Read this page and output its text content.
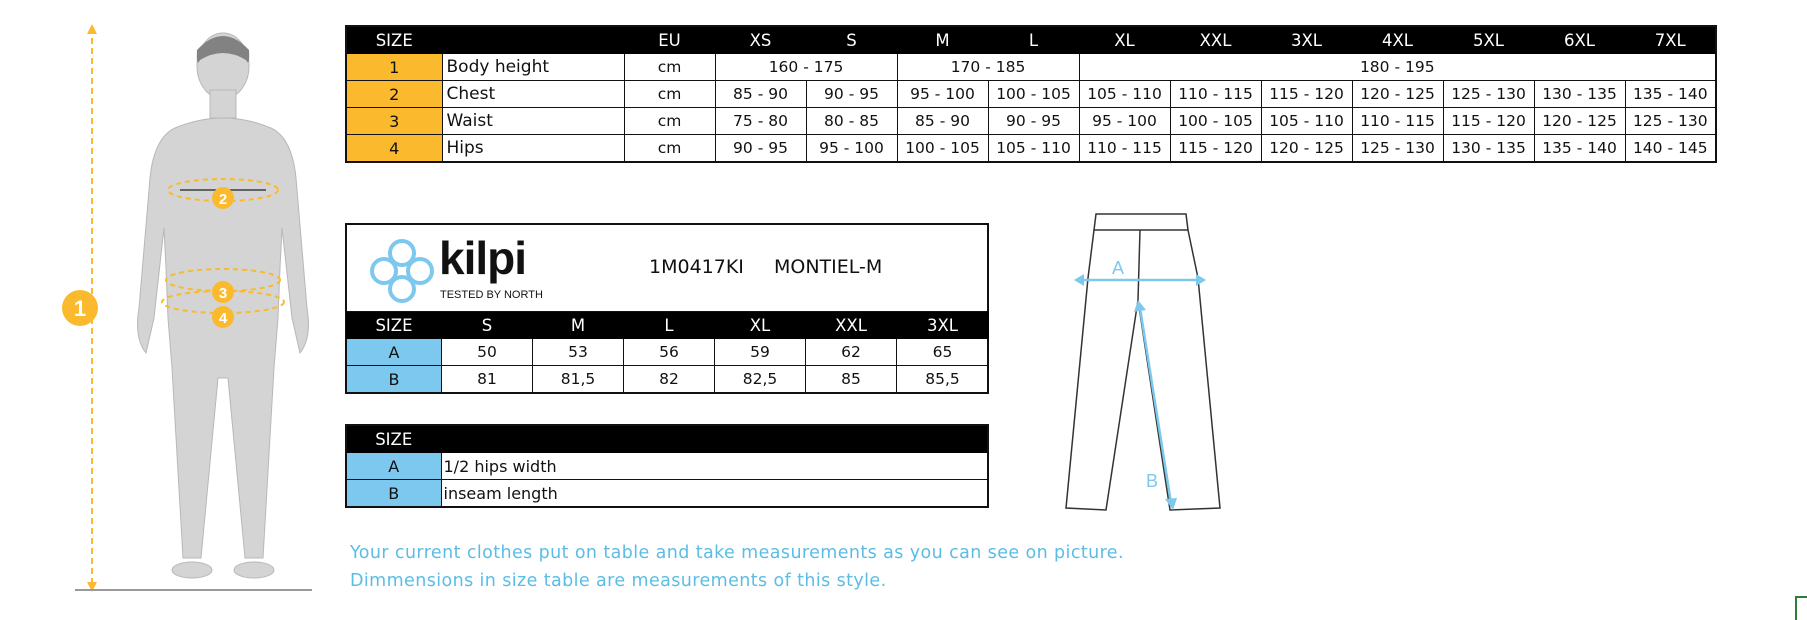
1
2
3
4
SIZE		EU	XS	S	M	L	XL	XXL	3XL	4XL	5XL	6XL	7XL
1	Body height	cm	160 - 175		170 - 185		180 - 195						
2	Chest	cm	85 - 90	90 - 95	95 - 100	100 - 105	105 - 110	110 - 115	115 - 120	120 - 125	125 - 130	130 - 135	135 - 140
3	Waist	cm	75 - 80	80 - 85	85 - 90	90 - 95	95 - 100	100 - 105	105 - 110	110 - 115	115 - 120	120 - 125	125 - 130
4	Hips	cm	90 - 95	95 - 100	100 - 105	105 - 110	110 - 115	115 - 120	120 - 125	125 - 130	130 - 135	135 - 140	140 - 145
kilpi
TESTED BY NORTH
1M0417KI MONTIEL-M
SIZE	S	M	L	XL	XXL	3XL
A	50	53	56	59	62	65
B	81	81,5	82	82,5	85	85,5
SIZE	
A	1/2 hips width
B	inseam length
A
B
Your current clothes put on table and take measurements as you can see on picture.
Dimmensions in size table are measurements of this style.
